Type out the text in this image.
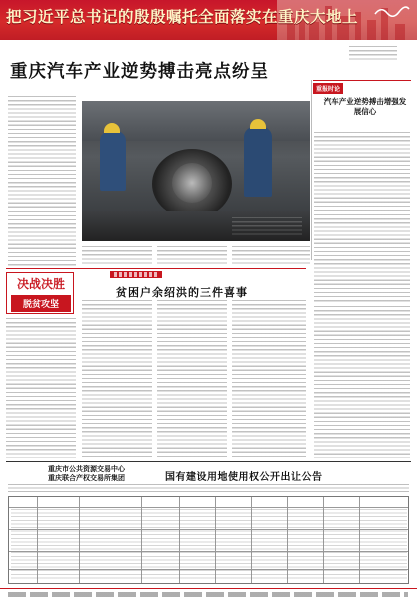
把习近平总书记的殷殷嘱托全面落实在重庆大地上
重庆汽车产业逆势搏击亮点纷呈
重报时论
汽车产业逆势搏击增强发展信心
决战决胜
脱贫攻坚
贫困户余绍洪的三件喜事
重庆市公共资源交易中心
重庆联合产权交易所集团	国有建设用地使用权公开出让公告
